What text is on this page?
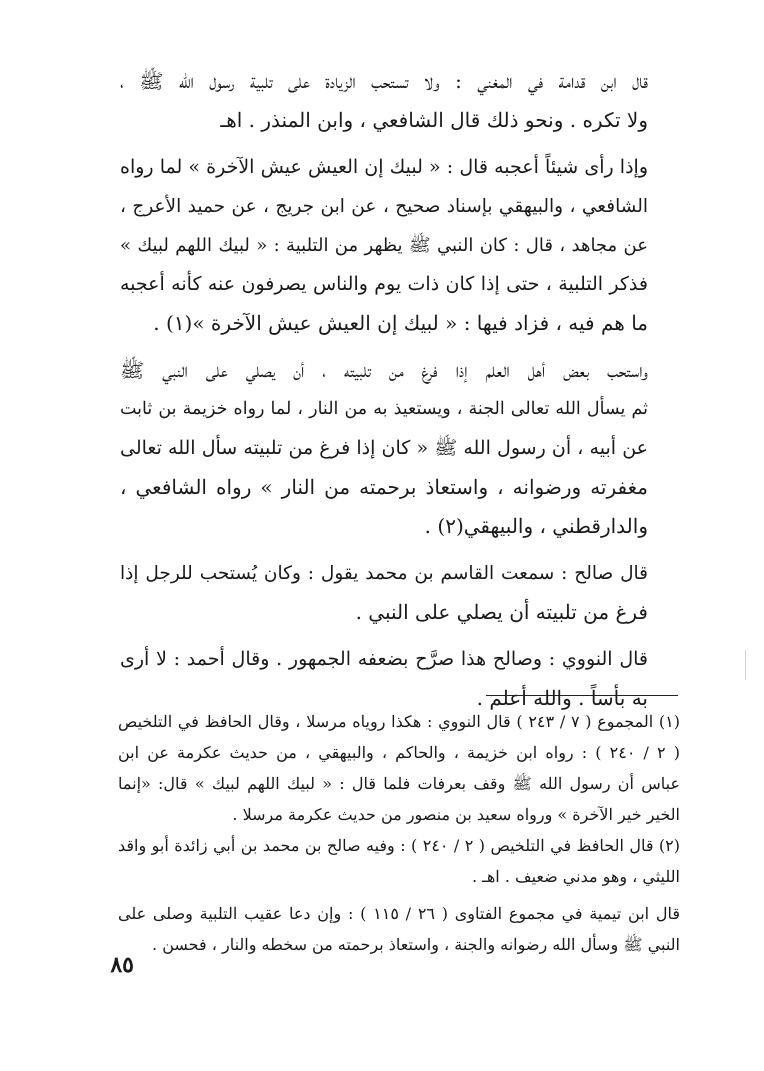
قال ابن قدامة في المغني : ولا تستحب الزيادة على تلبية رسول الله ﷺ ،
ولا تكره . ونحو ذلك قال الشافعي ، وابن المنذر . اهـ

وإذا رأى شيئاً أعجبه قال : « لبيك إن العيش عيش الآخرة » لما رواه
الشافعي ، والبيهقي بإسناد صحيح ، عن ابن جريج ، عن حميد الأعرج ،
عن مجاهد ، قال : كان النبي ﷺ يظهر من التلبية : « لبيك اللهم لبيك »
فذكر التلبية ، حتى إذا كان ذات يوم والناس يصرفون عنه كأنه أعجبه
ما هم فيه ، فزاد فيها : « لبيك إن العيش عيش الآخرة »(١) .

واستحب بعض أهل العلم إذا فرغ من تلبيته ، أن يصلي على النبي ﷺ
ثم يسأل الله تعالى الجنة ، ويستعيذ به من النار ، لما رواه خزيمة بن ثابت
عن أبيه ، أن رسول الله ﷺ « كان إذا فرغ من تلبيته سأل الله تعالى
مغفرته ورضوانه ، واستعاذ برحمته من النار » رواه الشافعي ،
والدارقطني ، والبيهقي(٢) .

قال صالح : سمعت القاسم بن محمد يقول : وكان يُستحب للرجل إذا
فرغ من تلبيته أن يصلي على النبي .

قال النووي : وصالح هذا صرَّح بضعفه الجمهور . وقال أحمد : لا أرى
به بأساً . والله أعلم .

(١) المجموع ( ٧ / ٢٤٣ ) قال النووي : هكذا روياه مرسلا ، وقال الحافظ في التلخيص
( ٢ / ٢٤٠ ) : رواه ابن خزيمة ، والحاكم ، والبيهقي ، من حديث عكرمة عن ابن
عباس أن رسول الله ﷺ وقف بعرفات فلما قال : « لبيك اللهم لبيك » قال: «إنما
الخير خير الآخرة » ورواه سعيد بن منصور من حديث عكرمة مرسلا .

(٢) قال الحافظ في التلخيص ( ٢ / ٢٤٠ ) : وفيه صالح بن محمد بن أبي زائدة أبو واقد
الليثي ، وهو مدني ضعيف . اهـ .

قال ابن تيمية في مجموع الفتاوى ( ٢٦ / ١١٥ ) : وإن دعا عقيب التلبية وصلى على
النبي ﷺ وسأل الله رضوانه والجنة ، واستعاذ برحمته من سخطه والنار ، فحسن .

٨٥
